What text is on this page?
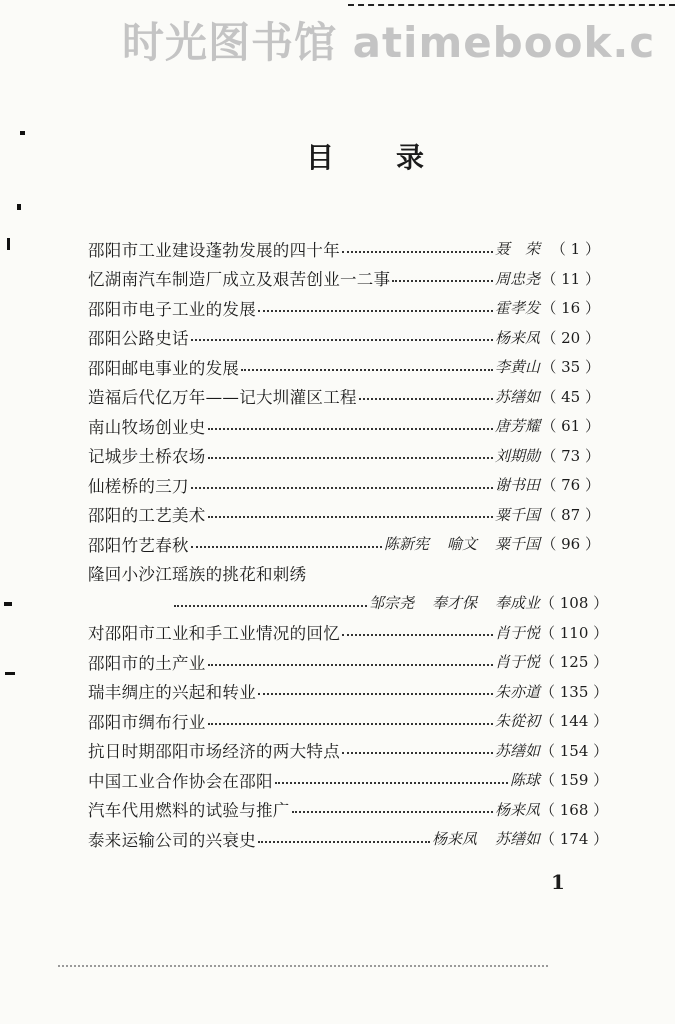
时光图书馆 atimebook.c
目录
邵阳市工业建设蓬勃发展的四十年	聂　荣 （ 1 ）
忆湖南汽车制造厂成立及艰苦创业一二事	周忠尧 （ 11 ）
邵阳市电子工业的发展	霍孝发 （ 16 ）
邵阳公路史话	杨来凤 （ 20 ）
邵阳邮电事业的发展	李黄山 （ 35 ）
造福后代亿万年——记大圳灌区工程	苏缮如 （ 45 ）
南山牧场创业史	唐芳耀 （ 61 ）
记城步土桥农场	刘期勋 （ 73 ）
仙槎桥的三刀	谢书田 （ 76 ）
邵阳的工艺美术	粟千国 （ 87 ）
邵阳竹艺春秋	陈新宪 喻文 粟千国 （ 96 ）
隆回小沙江瑶族的挑花和刺绣
邹宗尧 奉才保 奉成业 （ 108 ）
对邵阳市工业和手工业情况的回忆	肖于悦 （ 110 ）
邵阳市的土产业	肖于悦 （ 125 ）
瑞丰绸庄的兴起和转业	朱亦道 （ 135 ）
邵阳市绸布行业	朱從初 （ 144 ）
抗日时期邵阳市场经济的两大特点	苏缮如 （ 154 ）
中国工业合作协会在邵阳	陈球 （ 159 ）
汽车代用燃料的试验与推广	杨来凤 （ 168 ）
泰来运输公司的兴衰史	杨来凤 苏缮如 （ 174 ）
1
